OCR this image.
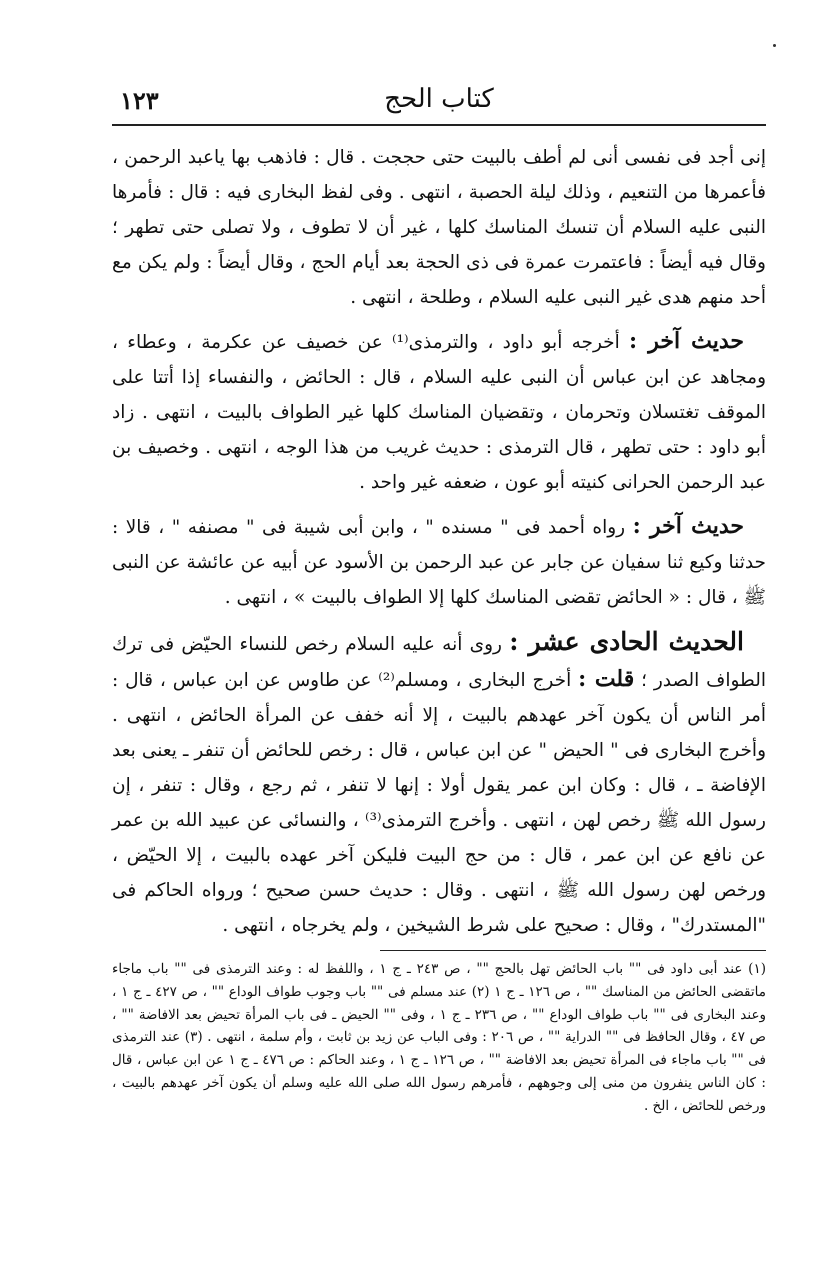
١٢٣	كتاب الحج

إنى أجد فى نفسى أنى لم أطف بالبيت حتى حججت . قال : فاذهب بها ياعبد الرحمن ، فأعمرها من التنعيم ، وذلك ليلة الحصبة ، انتهى . وفى لفظ البخارى فيه : قال : فأمرها النبى عليه السلام أن تنسك المناسك كلها ، غير أن لا تطوف ، ولا تصلى حتى تطهر ؛ وقال فيه أيضاً : فاعتمرت عمرة فى ذى الحجة بعد أيام الحج ، وقال أيضاً : ولم يكن مع أحد منهم هدى غير النبى عليه السلام ، وطلحة ، انتهى .

حديث آخر : أخرجه أبو داود ، والترمذى⁽¹⁾ عن خصيف عن عكرمة ، وعطاء ، ومجاهد عن ابن عباس أن النبى عليه السلام ، قال : الحائض ، والنفساء إذا أتتا على الموقف تغتسلان وتحرمان ، وتقضيان المناسك كلها غير الطواف بالبيت ، انتهى . زاد أبو داود : حتى تطهر ، قال الترمذى : حديث غريب من هذا الوجه ، انتهى . وخصيف بن عبد الرحمن الحرانى كنيته أبو عون ، ضعفه غير واحد .

حديث آخر : رواه أحمد فى " مسنده " ، وابن أبى شيبة فى " مصنفه " ، قالا : حدثنا وكيع ثنا سفيان عن جابر عن عبد الرحمن بن الأسود عن أبيه عن عائشة عن النبى ﷺ ، قال : « الحائض تقضى المناسك كلها إلا الطواف بالبيت » ، انتهى .

الحديث الحادى عشر : روى أنه عليه السلام رخص للنساء الحيّض فى ترك الطواف الصدر ؛ قلت : أخرج البخارى ، ومسلم⁽²⁾ عن طاوس عن ابن عباس ، قال : أمر الناس أن يكون آخر عهدهم بالبيت ، إلا أنه خفف عن المرأة الحائض ، انتهى . وأخرج البخارى فى " الحيض " عن ابن عباس ، قال : رخص للحائض أن تنفر ـ يعنى بعد الإفاضة ـ ، قال : وكان ابن عمر يقول أولا : إنها لا تنفر ، ثم رجع ، وقال : تنفر ، إن رسول الله ﷺ رخص لهن ، انتهى . وأخرج الترمذى⁽³⁾ ، والنسائى عن عبيد الله بن عمر عن نافع عن ابن عمر ، قال : من حج البيت فليكن آخر عهده بالبيت ، إلا الحيّض ، ورخص لهن رسول الله ﷺ ، انتهى . وقال : حديث حسن صحيح ؛ ورواه الحاكم فى "المستدرك" ، وقال : صحيح على شرط الشيخين ، ولم يخرجاه ، انتهى .

(١) عند أبى داود فى "" باب الحائض تهل بالحج "" ، ص ٢٤٣ ـ ج ١ ، واللفظ له : وعند الترمذى فى "" باب ماجاء ماتقضى الحائض من المناسك "" ، ص ١٢٦ ـ ج ١ (٢) عند مسلم فى "" باب وجوب طواف الوداع "" ، ص ٤٢٧ ـ ج ١ ، وعند البخارى فى "" باب طواف الوداع "" ، ص ٢٣٦ ـ ج ١ ، وفى "" الحيض ـ فى باب المرأة تحيض بعد الافاضة "" ، ص ٤٧ ، وقال الحافظ فى "" الدراية "" ، ص ٢٠٦ : وفى الباب عن زيد بن ثابت ، وأم سلمة ، انتهى . (٣) عند الترمذى فى "" باب ماجاء فى المرأة تحيض بعد الافاضة "" ، ص ١٢٦ ـ ج ١ ، وعند الحاكم : ص ٤٧٦ ـ ج ١ عن ابن عباس ، قال : كان الناس ينفرون من منى إلى وجوههم ، فأمرهم رسول الله صلى الله عليه وسلم أن يكون آخر عهدهم بالبيت ، ورخص للحائض ، الخ .
